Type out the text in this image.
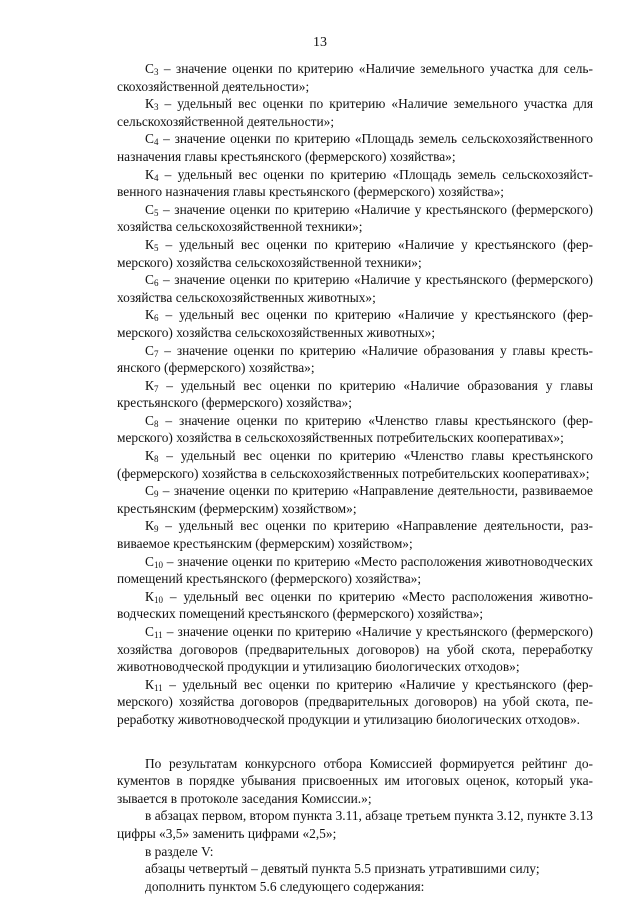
13

$С_3$ – значение оценки по критерию «Наличие земельного участка для сельскохозяйственной деятельности»;

$К_3$ – удельный вес оценки по критерию «Наличие земельного участка для сельскохозяйственной деятельности»;

$С_4$ – значение оценки по критерию «Площадь земель сельскохозяйственного назначения главы крестьянского (фермерского) хозяйства»;

$К_4$ – удельный вес оценки по критерию «Площадь земель сельскохозяйственного назначения главы крестьянского (фермерского) хозяйства»;

$С_5$ – значение оценки по критерию «Наличие у крестьянского (фермерского) хозяйства сельскохозяйственной техники»;

$К_5$ – удельный вес оценки по критерию «Наличие у крестьянского (фермерского) хозяйства сельскохозяйственной техники»;

$С_6$ – значение оценки по критерию «Наличие у крестьянского (фермерского) хозяйства сельскохозяйственных животных»;

$К_6$ – удельный вес оценки по критерию «Наличие у крестьянского (фермерского) хозяйства сельскохозяйственных животных»;

$С_7$ – значение оценки по критерию «Наличие образования у главы крестьянского (фермерского) хозяйства»;

$К_7$ – удельный вес оценки по критерию «Наличие образования у главы крестьянского (фермерского) хозяйства»;

$С_8$ – значение оценки по критерию «Членство главы крестьянского (фермерского) хозяйства в сельскохозяйственных потребительских кооперативах»;

$К_8$ – удельный вес оценки по критерию «Членство главы крестьянского (фермерского) хозяйства в сельскохозяйственных потребительских кооперативах»;

$С_9$ – значение оценки по критерию «Направление деятельности, развиваемое крестьянским (фермерским) хозяйством»;

$К_9$ – удельный вес оценки по критерию «Направление деятельности, развиваемое крестьянским (фермерским) хозяйством»;

$С_{10}$ – значение оценки по критерию «Место расположения животноводческих помещений крестьянского (фермерского) хозяйства»;

$К_{10}$ – удельный вес оценки по критерию «Место расположения животноводческих помещений крестьянского (фермерского) хозяйства»;

$С_{11}$ – значение оценки по критерию «Наличие у крестьянского (фермерского) хозяйства договоров (предварительных договоров) на убой скота, переработку животноводческой продукции и утилизацию биологических отходов»;

$К_{11}$ – удельный вес оценки по критерию «Наличие у крестьянского (фермерского) хозяйства договоров (предварительных договоров) на убой скота, переработку животноводческой продукции и утилизацию биологических отходов».

По результатам конкурсного отбора Комиссией формируется рейтинг документов в порядке убывания присвоенных им итоговых оценок, который указывается в протоколе заседания Комиссии.»;

в абзацах первом, втором пункта 3.11, абзаце третьем пункта 3.12, пункте 3.13 цифры «3,5» заменить цифрами «2,5»;

в разделе V:

абзацы четвертый – девятый пункта 5.5 признать утратившими силу;

дополнить пунктом 5.6 следующего содержания:
